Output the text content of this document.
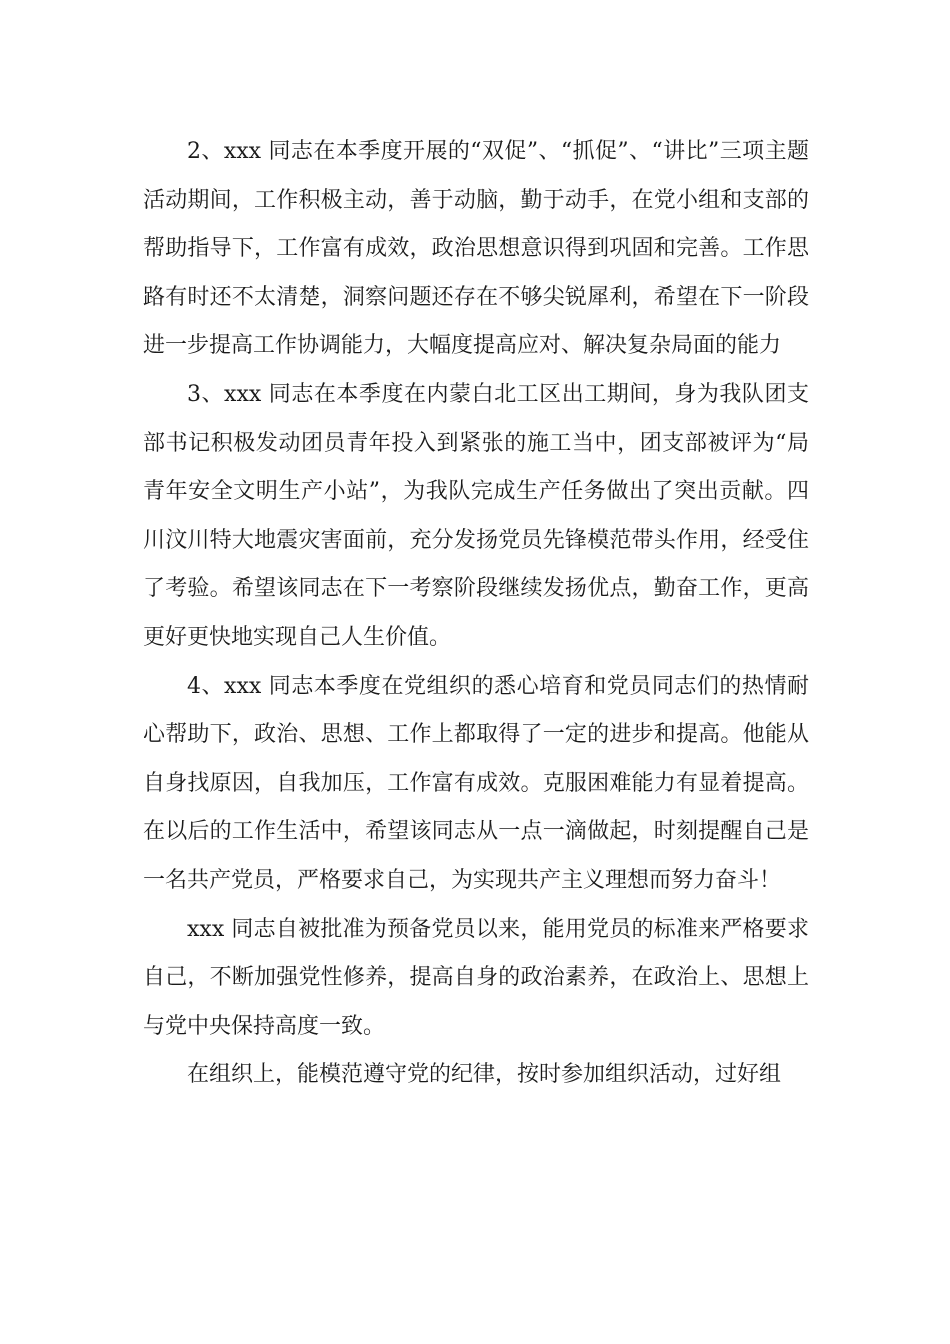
2、xxx 同志在本季度开展的“双促”、“抓促”、“讲比”三项主题活动期间，工作积极主动，善于动脑，勤于动手，在党小组和支部的帮助指导下，工作富有成效，政治思想意识得到巩固和完善。工作思路有时还不太清楚，洞察问题还存在不够尖锐犀利，希望在下一阶段进一步提高工作协调能力，大幅度提高应对、解决复杂局面的能力

3、xxx 同志在本季度在内蒙白北工区出工期间，身为我队团支部书记积极发动团员青年投入到紧张的施工当中，团支部被评为“局青年安全文明生产小站”，为我队完成生产任务做出了突出贡献。四川汶川特大地震灾害面前，充分发扬党员先锋模范带头作用，经受住了考验。希望该同志在下一考察阶段继续发扬优点，勤奋工作，更高更好更快地实现自己人生价值。

4、xxx 同志本季度在党组织的悉心培育和党员同志们的热情耐心帮助下，政治、思想、工作上都取得了一定的进步和提高。他能从自身找原因，自我加压，工作富有成效。克服困难能力有显着提高。在以后的工作生活中，希望该同志从一点一滴做起，时刻提醒自己是一名共产党员，严格要求自己，为实现共产主义理想而努力奋斗！

xxx 同志自被批准为预备党员以来，能用党员的标准来严格要求自己，不断加强党性修养，提高自身的政治素养，在政治上、思想上与党中央保持高度一致。

在组织上，能模范遵守党的纪律，按时参加组织活动，过好组
